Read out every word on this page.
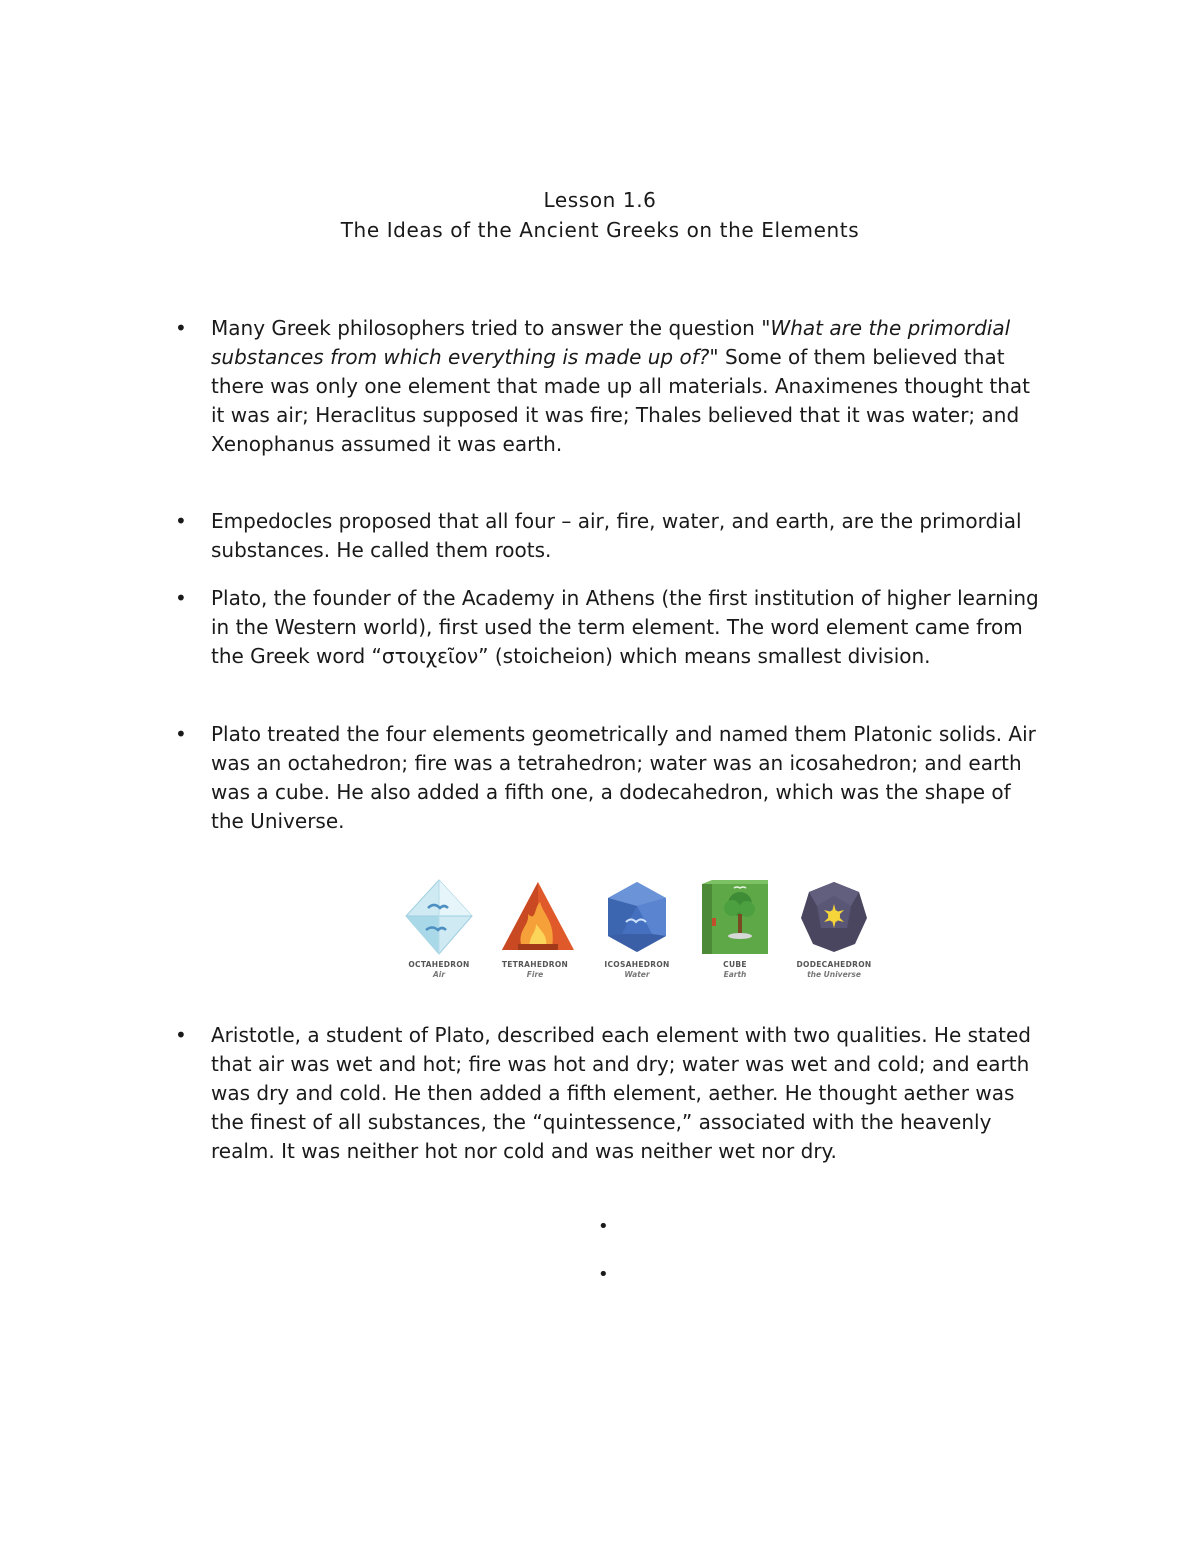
Lesson 1.6
The Ideas of the Ancient Greeks on the Elements
• Many Greek philosophers tried to answer the question "What are the primordial substances from which everything is made up of?" Some of them believed that there was only one element that made up all materials. Anaximenes thought that it was air; Heraclitus supposed it was fire; Thales believed that it was water; and Xenophanus assumed it was earth.
• Empedocles proposed that all four – air, fire, water, and earth, are the primordial substances. He called them roots.
• Plato, the founder of the Academy in Athens (the first institution of higher learning in the Western world), first used the term element. The word element came from the Greek word “στοιχεῖον” (stoicheion) which means smallest division.
• Plato treated the four elements geometrically and named them Platonic solids. Air was an octahedron; fire was a tetrahedron; water was an icosahedron; and earth was a cube. He also added a fifth one, a dodecahedron, which was the shape of the Universe.
• Aristotle, a student of Plato, described each element with two qualities. He stated that air was wet and hot; fire was hot and dry; water was wet and cold; and earth was dry and cold. He then added a fifth element, aether. He thought aether was the finest of all substances, the “quintessence,” associated with the heavenly realm. It was neither hot nor cold and was neither wet nor dry.
OCTAHEDRON
Air
TETRAHEDRON
Fire
ICOSAHEDRON
Water
CUBE
Earth
DODECAHEDRON
the Universe
•
•
